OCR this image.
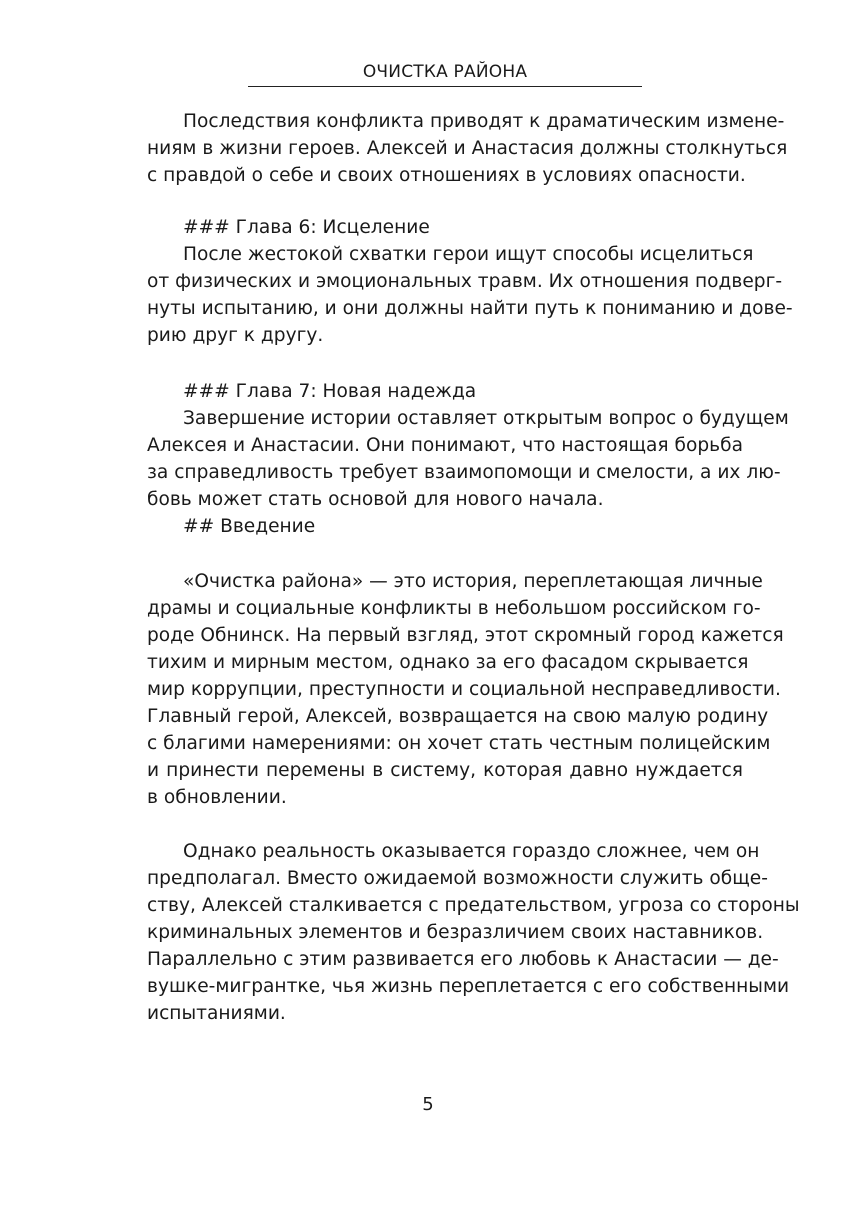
ОЧИСТКА РАЙОНА
Последствия конфликта приводят к драматическим измене-
ниям в жизни героев. Алексей и Анастасия должны столкнуться
с правдой о себе и своих отношениях в условиях опасности.
### Глава 6: Исцеление
После жестокой схватки герои ищут способы исцелиться
от физических и эмоциональных травм. Их отношения подверг-
нуты испытанию, и они должны найти путь к пониманию и дове-
рию друг к другу.
### Глава 7: Новая надежда
Завершение истории оставляет открытым вопрос о будущем
Алексея и Анастасии. Они понимают, что настоящая борьба
за справедливость требует взаимопомощи и смелости, а их лю-
бовь может стать основой для нового начала.
## Введение
«Очистка района» — это история, переплетающая личные
драмы и социальные конфликты в небольшом российском го-
роде Обнинск. На первый взгляд, этот скромный город кажется
тихим и мирным местом, однако за его фасадом скрывается
мир коррупции, преступности и социальной несправедливости.
Главный герой, Алексей, возвращается на свою малую родину
с благими намерениями: он хочет стать честным полицейским
и принести перемены в систему, которая давно нуждается
в обновлении.
Однако реальность оказывается гораздо сложнее, чем он
предполагал. Вместо ожидаемой возможности служить обще-
ству, Алексей сталкивается с предательством, угроза со стороны
криминальных элементов и безразличием своих наставников.
Параллельно с этим развивается его любовь к Анастасии — де-
вушке-мигрантке, чья жизнь переплетается с его собственными
испытаниями.
5
